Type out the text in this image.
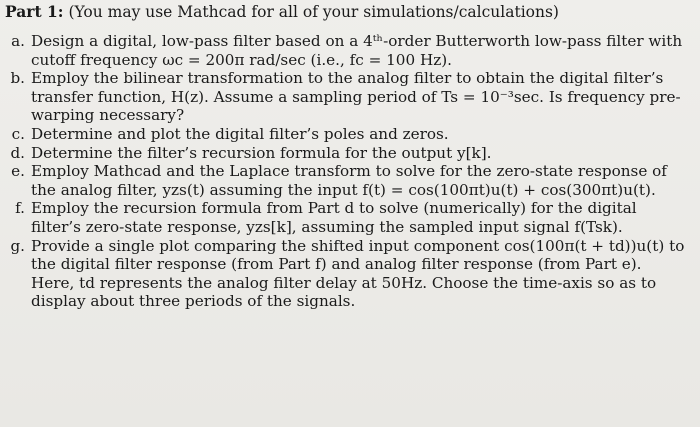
Part 1: (You may use Mathcad for all of your simulations/calculations)
a. Design a digital, low-pass filter based on a 4ᵗʰ-order Butterworth low-pass filter with cutoff frequency ωc = 200π rad/sec (i.e., fc = 100 Hz).
b. Employ the bilinear transformation to the analog filter to obtain the digital filter’s transfer function, H(z). Assume a sampling period of Ts = 10⁻³sec. Is frequency pre-warping necessary?
c. Determine and plot the digital filter’s poles and zeros.
d. Determine the filter’s recursion formula for the output y[k].
e. Employ Mathcad and the Laplace transform to solve for the zero-state response of the analog filter, yzs(t) assuming the input f(t) = cos(100πt)u(t) + cos(300πt)u(t).
f. Employ the recursion formula from Part d to solve (numerically) for the digital filter’s zero-state response, yzs[k], assuming the sampled input signal f(Tsk).
g. Provide a single plot comparing the shifted input component cos(100π(t + td))u(t) to the digital filter response (from Part f) and analog filter response (from Part e). Here, td represents the analog filter delay at 50Hz. Choose the time-axis so as to display about three periods of the signals.
